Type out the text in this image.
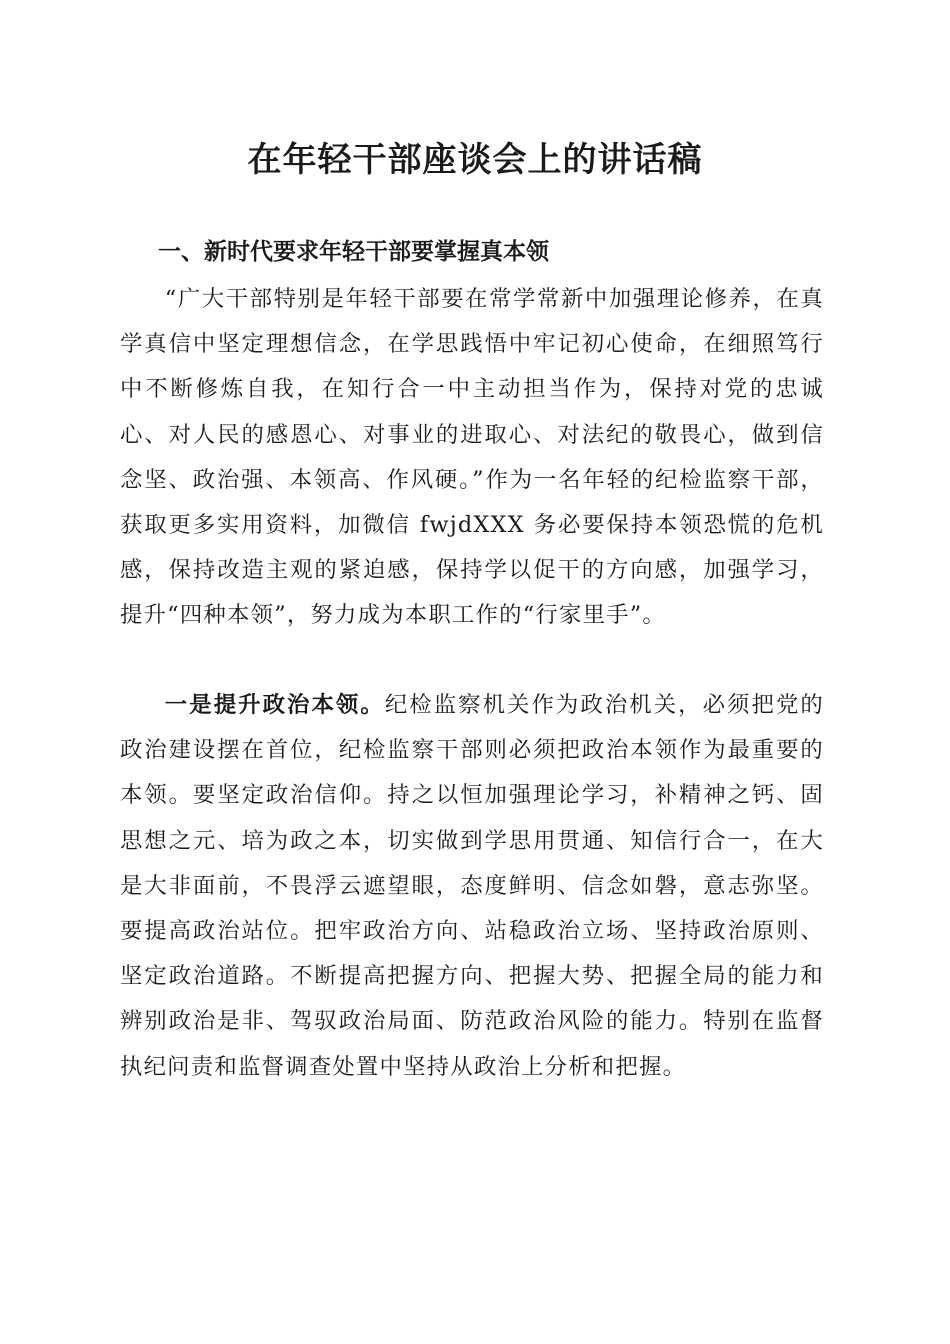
在年轻干部座谈会上的讲话稿
一、新时代要求年轻干部要掌握真本领

“广大干部特别是年轻干部要在常学常新中加强理论修养，在真学真信中坚定理想信念，在学思践悟中牢记初心使命，在细照笃行中不断修炼自我，在知行合一中主动担当作为，保持对党的忠诚心、对人民的感恩心、对事业的进取心、对法纪的敬畏心，做到信念坚、政治强、本领高、作风硬。”作为一名年轻的纪检监察干部，获取更多实用资料，加微信 fwjdXXX 务必要保持本领恐慌的危机感，保持改造主观的紧迫感，保持学以促干的方向感，加强学习，提升“四种本领”，努力成为本职工作的“行家里手”。

一是提升政治本领。纪检监察机关作为政治机关，必须把党的政治建设摆在首位，纪检监察干部则必须把政治本领作为最重要的本领。要坚定政治信仰。持之以恒加强理论学习，补精神之钙、固思想之元、培为政之本，切实做到学思用贯通、知信行合一，在大是大非面前，不畏浮云遮望眼，态度鲜明、信念如磐，意志弥坚。要提高政治站位。把牢政治方向、站稳政治立场、坚持政治原则、坚定政治道路。不断提高把握方向、把握大势、把握全局的能力和辨别政治是非、驾驭政治局面、防范政治风险的能力。特别在监督执纪问责和监督调查处置中坚持从政治上分析和把握。
